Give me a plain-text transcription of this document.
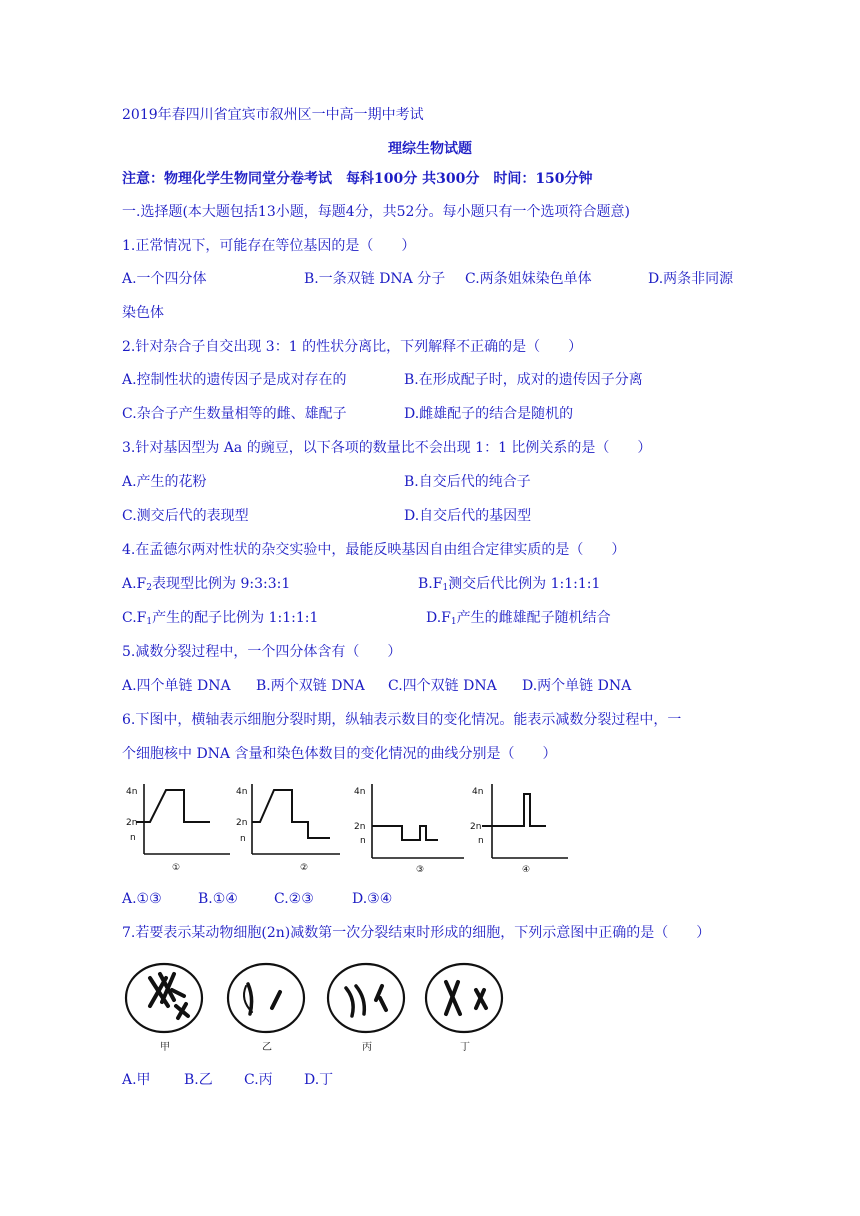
2019年春四川省宜宾市叙州区一中高一期中考试
理综生物试题
注意：物理化学生物同堂分卷考试　每科100分 共300分　时间：150分钟
一.选择题(本大题包括13小题，每题4分，共52分。每小题只有一个选项符合题意)
1.正常情况下，可能存在等位基因的是（　　）
A.一个四分体	B.一条双链 DNA 分子 C.两条姐妹染色单体	D.两条非同源
染色体
2.针对杂合子自交出现 3：1 的性状分离比，下列解释不正确的是（　　）
A.控制性状的遗传因子是成对存在的	B.在形成配子时，成对的遗传因子分离
C.杂合子产生数量相等的雌、雄配子	D.雌雄配子的结合是随机的
3.针对基因型为 Aa 的豌豆，以下各项的数量比不会出现 1：1 比例关系的是（　　）
A.产生的花粉	B.自交后代的纯合子
C.测交后代的表现型	D.自交后代的基因型
4.在孟德尔两对性状的杂交实验中，最能反映基因自由组合定律实质的是（　　）
$A.F_2$表现型比例为 9:3:3:1	$B.F_1$测交后代比例为 1:1:1:1
$C.F_1$产生的配子比例为 1:1:1:1	$D.F_1$产生的雌雄配子随机结合
5.减数分裂过程中，一个四分体含有（　　）
A.四个单链 DNA B.两个双链 DNA C.四个双链 DNA D.两个单链 DNA
6.下图中，横轴表示细胞分裂时期，纵轴表示数目的变化情况。能表示减数分裂过程中，一
个细胞核中 DNA 含量和染色体数目的变化情况的曲线分别是（　　）
4n
2n
n
①
4n
2n
n
②
4n
2n
n
③
4n
2n
n
④
A.①③	B.①④	C.②③	D.③④
7.若要表示某动物细胞(2n)减数第一次分裂结束时形成的细胞，下列示意图中正确的是（　　）
甲	乙	丙	丁
A.甲 B.乙 C.丙 D.丁
